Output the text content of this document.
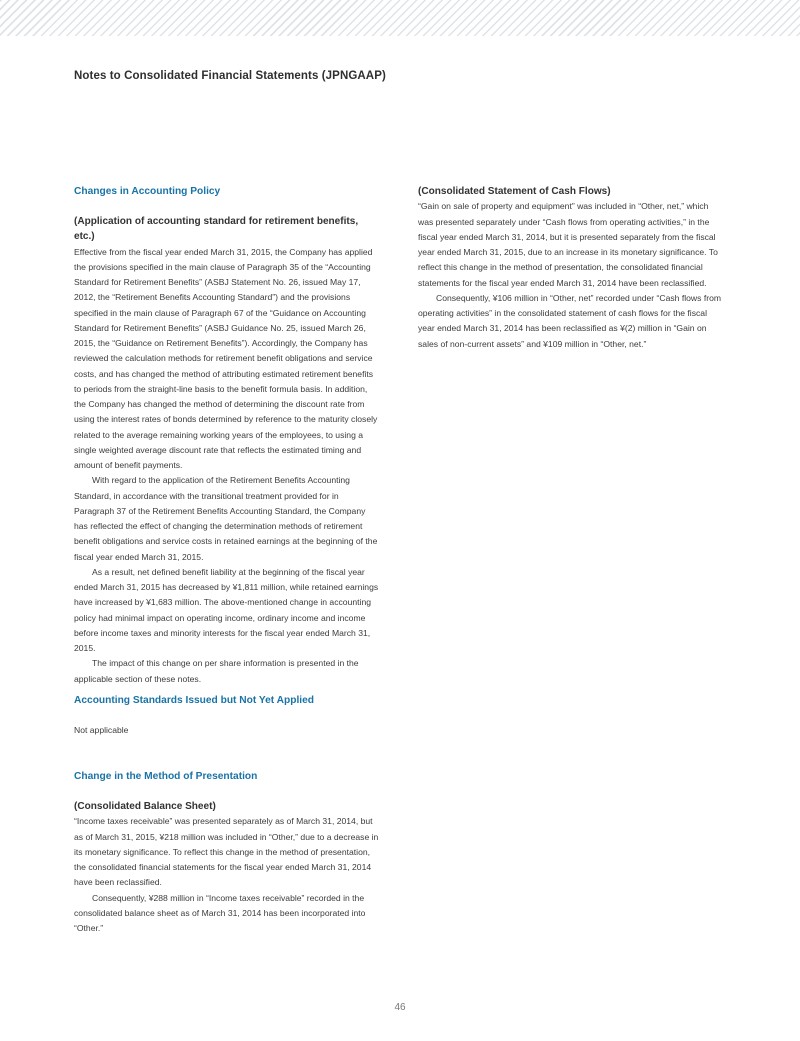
Notes to Consolidated Financial Statements (JPNGAAP)
Changes in Accounting Policy
(Application of accounting standard for retirement benefits, etc.)

Effective from the fiscal year ended March 31, 2015, the Company has applied the provisions specified in the main clause of Paragraph 35 of the “Accounting Standard for Retirement Benefits” (ASBJ Statement No. 26, issued May 17, 2012, the “Retirement Benefits Accounting Standard”) and the provisions specified in the main clause of Paragraph 67 of the “Guidance on Accounting Standard for Retirement Benefits” (ASBJ Guidance No. 25, issued March 26, 2015, the “Guidance on Retirement Benefits”). Accordingly, the Company has reviewed the calculation methods for retirement benefit obligations and service costs, and has changed the method of attributing estimated retirement benefits to periods from the straight-line basis to the benefit formula basis. In addition, the Company has changed the method of determining the discount rate from using the interest rates of bonds determined by reference to the maturity closely related to the average remaining working years of the employees, to using a single weighted average discount rate that reflects the estimated timing and amount of benefit payments.

With regard to the application of the Retirement Benefits Accounting Standard, in accordance with the transitional treatment provided for in Paragraph 37 of the Retirement Benefits Accounting Standard, the Company has reflected the effect of changing the determination methods of retirement benefit obligations and service costs in retained earnings at the beginning of the fiscal year ended March 31, 2015.

As a result, net defined benefit liability at the beginning of the fiscal year ended March 31, 2015 has decreased by ¥1,811 million, while retained earnings have increased by ¥1,683 million. The above-mentioned change in accounting policy had minimal impact on operating income, ordinary income and income before income taxes and minority interests for the fiscal year ended March 31, 2015.

The impact of this change on per share information is presented in the applicable section of these notes.

Accounting Standards Issued but Not Yet Applied

Not applicable

Change in the Method of Presentation
(Consolidated Balance Sheet)

“Income taxes receivable” was presented separately as of March 31, 2014, but as of March 31, 2015, ¥218 million was included in “Other,” due to a decrease in its monetary significance. To reflect this change in the method of presentation, the consolidated financial statements for the fiscal year ended March 31, 2014 have been reclassified.

Consequently, ¥288 million in “Income taxes receivable” recorded in the consolidated balance sheet as of March 31, 2014 has been incorporated into “Other.”

(Consolidated Statement of Cash Flows)

“Gain on sale of property and equipment” was included in “Other, net,” which was presented separately under “Cash flows from operating activities,” in the fiscal year ended March 31, 2014, but it is presented separately from the fiscal year ended March 31, 2015, due to an increase in its monetary significance. To reflect this change in the method of presentation, the consolidated financial statements for the fiscal year ended March 31, 2014 have been reclassified.

Consequently, ¥106 million in “Other, net” recorded under “Cash flows from operating activities” in the consolidated statement of cash flows for the fiscal year ended March 31, 2014 has been reclassified as ¥(2) million in “Gain on sales of non-current assets” and ¥109 million in “Other, net.”

46
